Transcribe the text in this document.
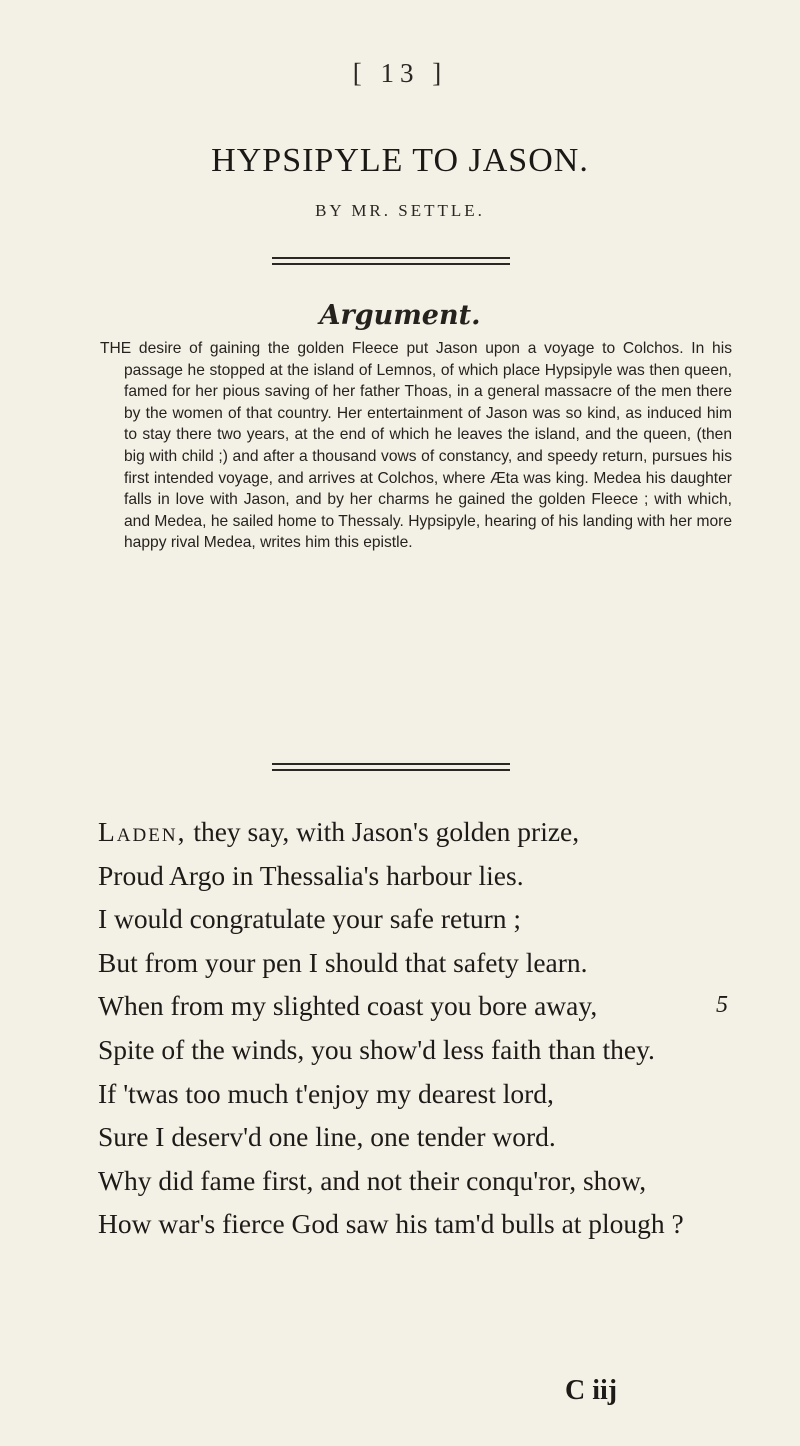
[ 13 ]
HYPSIPYLE TO JASON.
BY MR. SETTLE.
Argument.

THE desire of gaining the golden Fleece put Jason upon a voyage to Colchos. In his passage he stopped at the island of Lemnos, of which place Hypsipyle was then queen, famed for her pious saving of her father Thoas, in a general massacre of the men there by the women of that country. Her entertainment of Jason was so kind, as induced him to stay there two years, at the end of which he leaves the island, and the queen, (then big with child ;) and after a thousand vows of constancy, and speedy return, pursues his first intended voyage, and arrives at Colchos, where Æta was king. Medea his daughter falls in love with Jason, and by her charms he gained the golden Fleece ; with which, and Medea, he sailed home to Thessaly. Hypsipyle, hearing of his landing with her more happy rival Medea, writes him this epistle.

Laden, they say, with Jason's golden prize,
Proud Argo in Thessalia's harbour lies.
I would congratulate your safe return ;
But from your pen I should that safety learn.
When from my slighted coast you bore away,	5
Spite of the winds, you show'd less faith than they.
If 'twas too much t'enjoy my dearest lord,
Sure I deserv'd one line, one tender word.
Why did fame first, and not their conqu'ror, show,
How war's fierce God saw his tam'd bulls at plough ?
C iij
